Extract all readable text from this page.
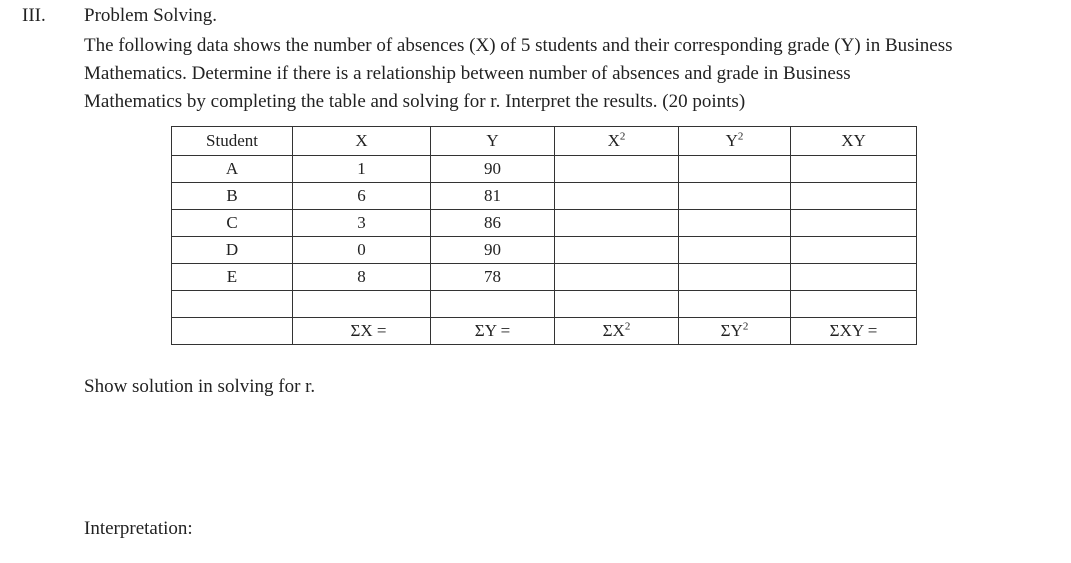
III. Problem Solving.
The following data shows the number of absences (X) of 5 students and their corresponding grade (Y) in Business
Mathematics. Determine if there is a relationship between number of absences and grade in Business
Mathematics by completing the table and solving for r. Interpret the results. (20 points)
Student	X	Y	$X^2$	$Y^2$	XY
A	1	90			
B	6	81			
C	3	86			
D	0	90			
E	8	78			

	ΣX =	ΣY =	$\Sigma X^2$	$\Sigma Y^2$	ΣXY =
Show solution in solving for r.
Interpretation:
